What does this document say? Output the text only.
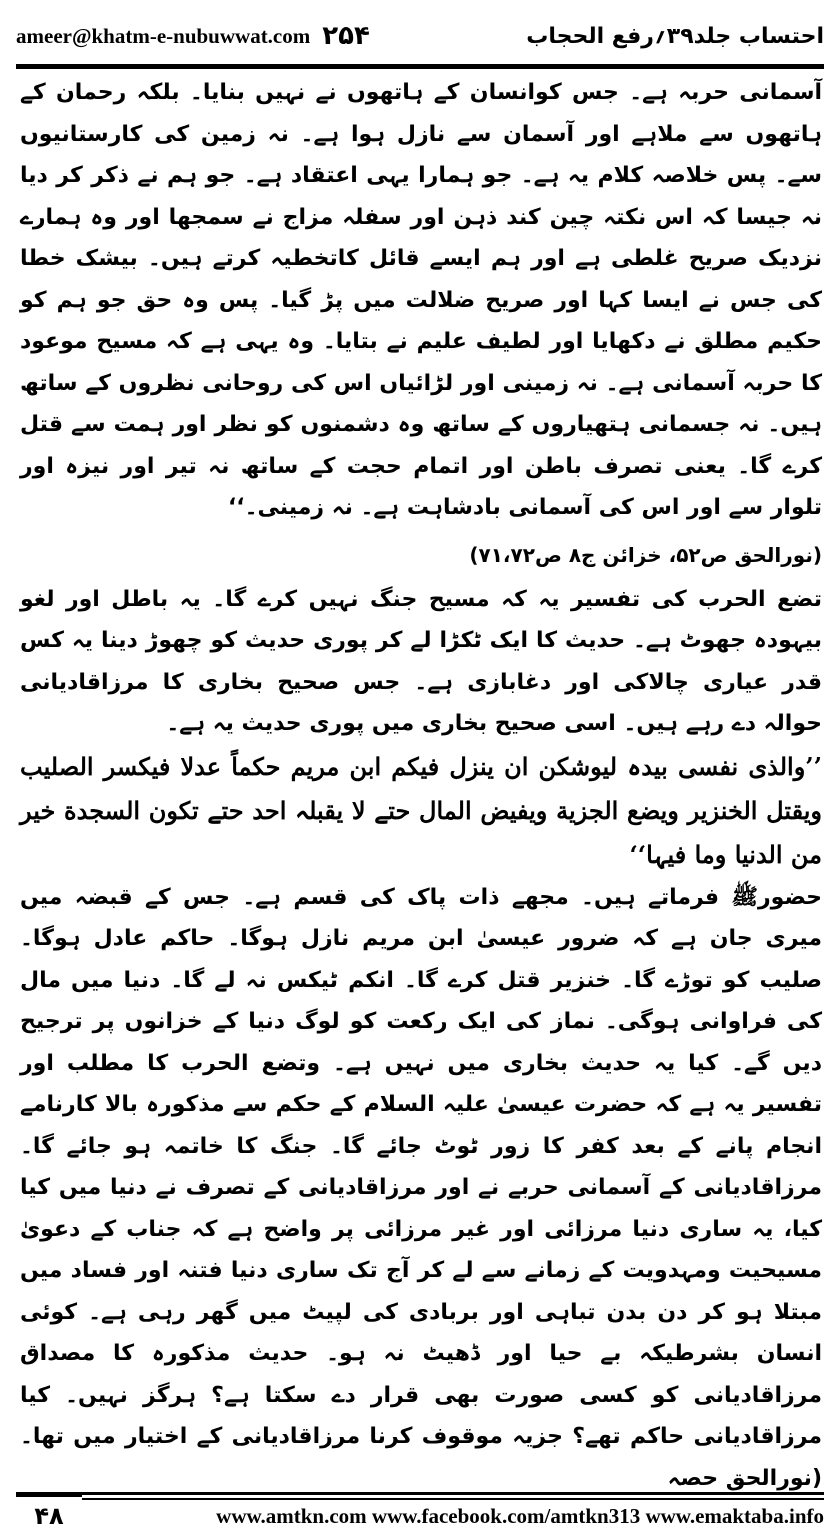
ameer@khatm-e-nubuwwat.com ۲۵۴	احتساب جلد۳۹؍رفع الحجاب

آسمانی حربہ ہے۔ جس کوانسان کے ہاتھوں نے نہیں بنایا۔ بلکہ رحمان کے ہاتھوں سے ملاہے اور آسمان سے نازل ہوا ہے۔ نہ زمین کی کارستانیوں سے۔ پس خلاصہ کلام یہ ہے۔ جو ہمارا یہی اعتقاد ہے۔ جو ہم نے ذکر کر دیا نہ جیسا کہ اس نکتہ چین کند ذہن اور سفلہ مزاج نے سمجھا اور وہ ہمارے نزدیک صریح غلطی ہے اور ہم ایسے قائل کاتخطیہ کرتے ہیں۔ بیشک خطا کی جس نے ایسا کہا اور صریح ضلالت میں پڑ گیا۔ پس وہ حق جو ہم کو حکیم مطلق نے دکھایا اور لطیف علیم نے بتایا۔ وہ یہی ہے کہ مسیح موعود کا حربہ آسمانی ہے۔ نہ زمینی اور لڑائیاں اس کی روحانی نظروں کے ساتھ ہیں۔ نہ جسمانی ہتھیاروں کے ساتھ وہ دشمنوں کو نظر اور ہمت سے قتل کرے گا۔ یعنی تصرف باطن اور اتمام حجت کے ساتھ نہ تیر اور نیزہ اور تلوار سے اور اس کی آسمانی بادشاہت ہے۔ نہ زمینی۔‘‘

(نورالحق ص۵۲، خزائن ج۸ ص۷۱،۷۲)

تضع الحرب کی تفسیر یہ کہ مسیح جنگ نہیں کرے گا۔ یہ باطل اور لغو بیہودہ جھوٹ ہے۔ حدیث کا ایک ٹکڑا لے کر پوری حدیث کو چھوڑ دینا یہ کس قدر عیاری چالاکی اور دغابازی ہے۔ جس صحیح بخاری کا مرزاقادیانی حوالہ دے رہے ہیں۔ اسی صحیح بخاری میں پوری حدیث یہ ہے۔

’’والذی نفسی بیدہ لیوشکن ان ینزل فیکم ابن مریم حکماً عدلا فیکسر الصلیب ویقتل الخنزیر ویضع الجزیة ویفیض المال حتے لا یقبلہ احد حتے تکون السجدة خیر من الدنیا وما فیہا‘‘

حضورﷺ فرماتے ہیں۔ مجھے ذات پاک کی قسم ہے۔ جس کے قبضہ میں میری جان ہے کہ ضرور عیسیٰ ابن مریم نازل ہوگا۔ حاکم عادل ہوگا۔ صلیب کو توڑے گا۔ خنزیر قتل کرے گا۔ انکم ٹیکس نہ لے گا۔ دنیا میں مال کی فراوانی ہوگی۔ نماز کی ایک رکعت کو لوگ دنیا کے خزانوں پر ترجیح دیں گے۔ کیا یہ حدیث بخاری میں نہیں ہے۔ وتضع الحرب کا مطلب اور تفسیر یہ ہے کہ حضرت عیسیٰ علیہ السلام کے حکم سے مذکورہ بالا کارنامے انجام پانے کے بعد کفر کا زور ٹوٹ جائے گا۔ جنگ کا خاتمہ ہو جائے گا۔ مرزاقادیانی کے آسمانی حربے نے اور مرزاقادیانی کے تصرف نے دنیا میں کیا کیا، یہ ساری دنیا مرزائی اور غیر مرزائی پر واضح ہے کہ جناب کے دعویٰ مسیحیت ومہدویت کے زمانے سے لے کر آج تک ساری دنیا فتنہ اور فساد میں مبتلا ہو کر دن بدن تباہی اور بربادی کی لپیٹ میں گھر رہی ہے۔ کوئی انسان بشرطیکہ بے حیا اور ڈھیٹ نہ ہو۔ حدیث مذکورہ کا مصداق مرزاقادیانی کو کسی صورت بھی قرار دے سکتا ہے؟ ہرگز نہیں۔ کیا مرزاقادیانی حاکم تھے؟ جزیہ موقوف کرنا مرزاقادیانی کے اختیار میں تھا۔ (نورالحق حصہ

۴۸	www.amtkn.com www.facebook.com/amtkn313 www.emaktaba.info
